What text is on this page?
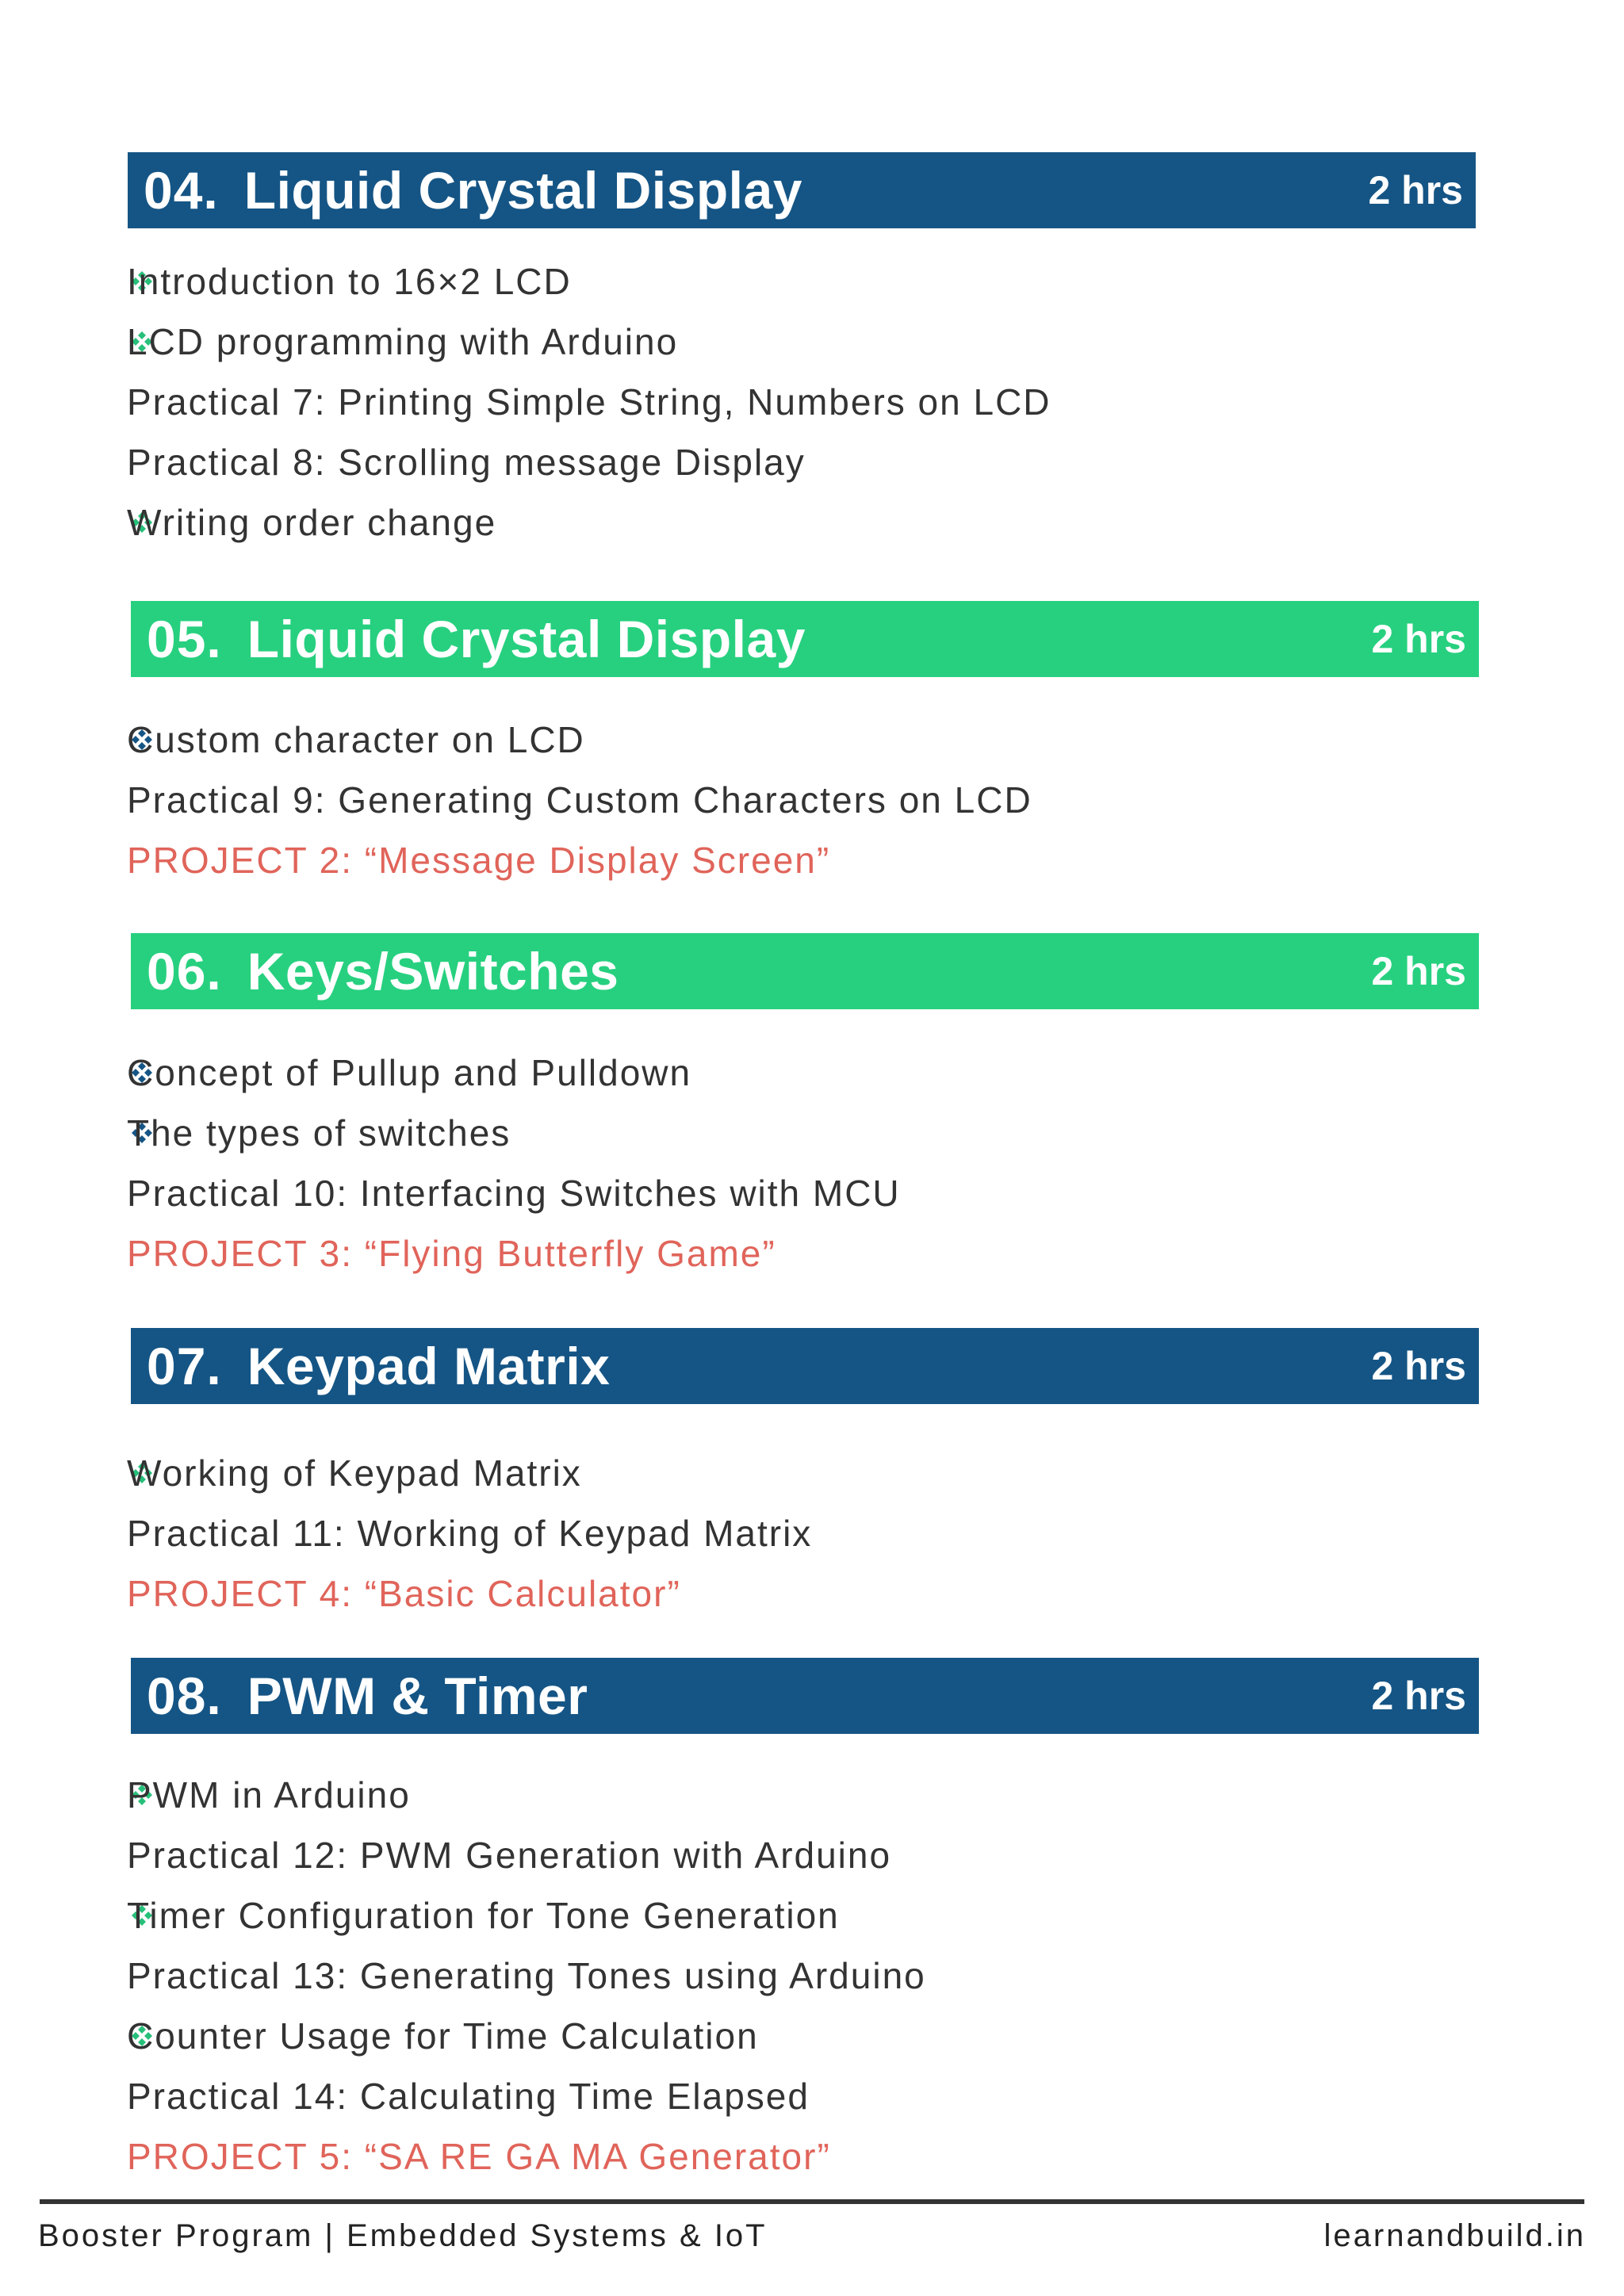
04. Liquid Crystal Display	2 hrs
Introduction to 16×2 LCD
LCD programming with Arduino
Practical 7: Printing Simple String, Numbers on LCD
Practical 8: Scrolling message Display
Writing order change
05. Liquid Crystal Display	2 hrs
Custom character on LCD
Practical 9: Generating Custom Characters on LCD
PROJECT 2: “Message Display Screen”
06. Keys/Switches	2 hrs
Concept of Pullup and Pulldown
The types of switches
Practical 10: Interfacing Switches with MCU
PROJECT 3: “Flying Butterfly Game”
07. Keypad Matrix	2 hrs
Working of Keypad Matrix
Practical 11: Working of Keypad Matrix
PROJECT 4: “Basic Calculator”
08. PWM & Timer	2 hrs
PWM in Arduino
Practical 12: PWM Generation with Arduino
Timer Configuration for Tone Generation
Practical 13: Generating Tones using Arduino
Counter Usage for Time Calculation
Practical 14: Calculating Time Elapsed
PROJECT 5: “SA RE GA MA Generator”
Booster Program | Embedded Systems & IoT	learnandbuild.in
